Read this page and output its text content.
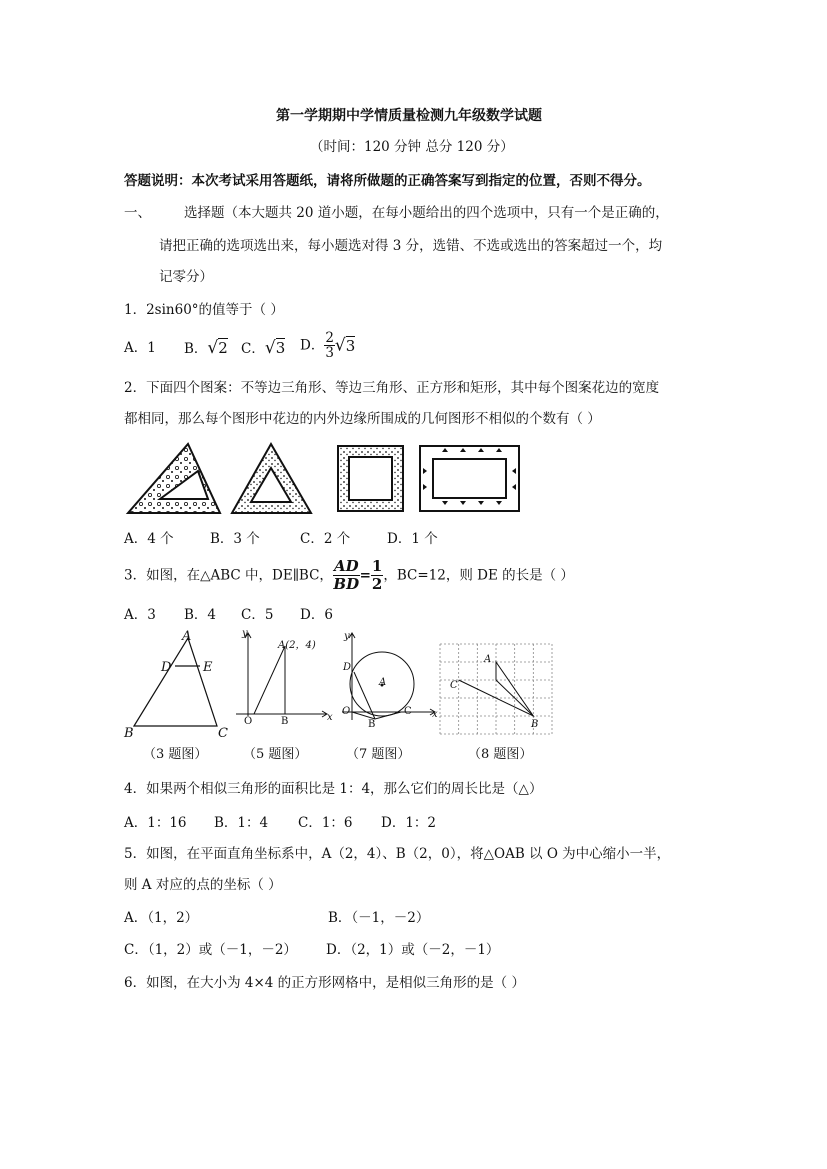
第一学期期中学情质量检测九年级数学试题
（时间：120 分钟 总分 120 分）
答题说明：本次考试采用答题纸，请将所做题的正确答案写到指定的位置，否则不得分。
一、 选择题（本大题共 20 道小题，在每小题给出的四个选项中，只有一个是正确的，
请把正确的选项选出来，每小题选对得 3 分，选错、不选或选出的答案超过一个，均
记零分）
1．2sin60°的值等于（ ）
A．1 B．√2 C．√3 D． $\frac{2}{3} √3$
2．下面四个图案：不等边三角形、等边三角形、正方形和矩形，其中每个图案花边的宽度
都相同，那么每个图形中花边的内外边缘所围成的几何图形不相似的个数有（ ）
A．4 个	B．3 个	C．2 个	D．1 个
3．如图，在△ABC 中，DE∥BC， $\frac{AD}{BD} = \frac{1}{2}$ ，BC=12，则 DE 的长是（ ）
A．3 B．4 C．5 D．6
A
D E
B	C
（3 题图）
y
x
A(2，4)
O	B
（5 题图）
y
x
D
A
O
B
C
（7 题图）
A
C
B
（8 题图）
4．如果两个相似三角形的面积比是 1：4，那么它们的周长比是（△）
A．1：16 B．1：4 C．1：6 D．1：2
5．如图，在平面直角坐标系中，A（2，4）、B（2，0），将△OAB 以 O 为中心缩小一半，
则 A 对应的点的坐标（ ）
A．（1，2）	B．（－1，－2）
C．（1，2）或（－1，－2） D．（2，1）或（－2，－1）
6．如图，在大小为 4×4 的正方形网格中，是相似三角形的是（ ）
